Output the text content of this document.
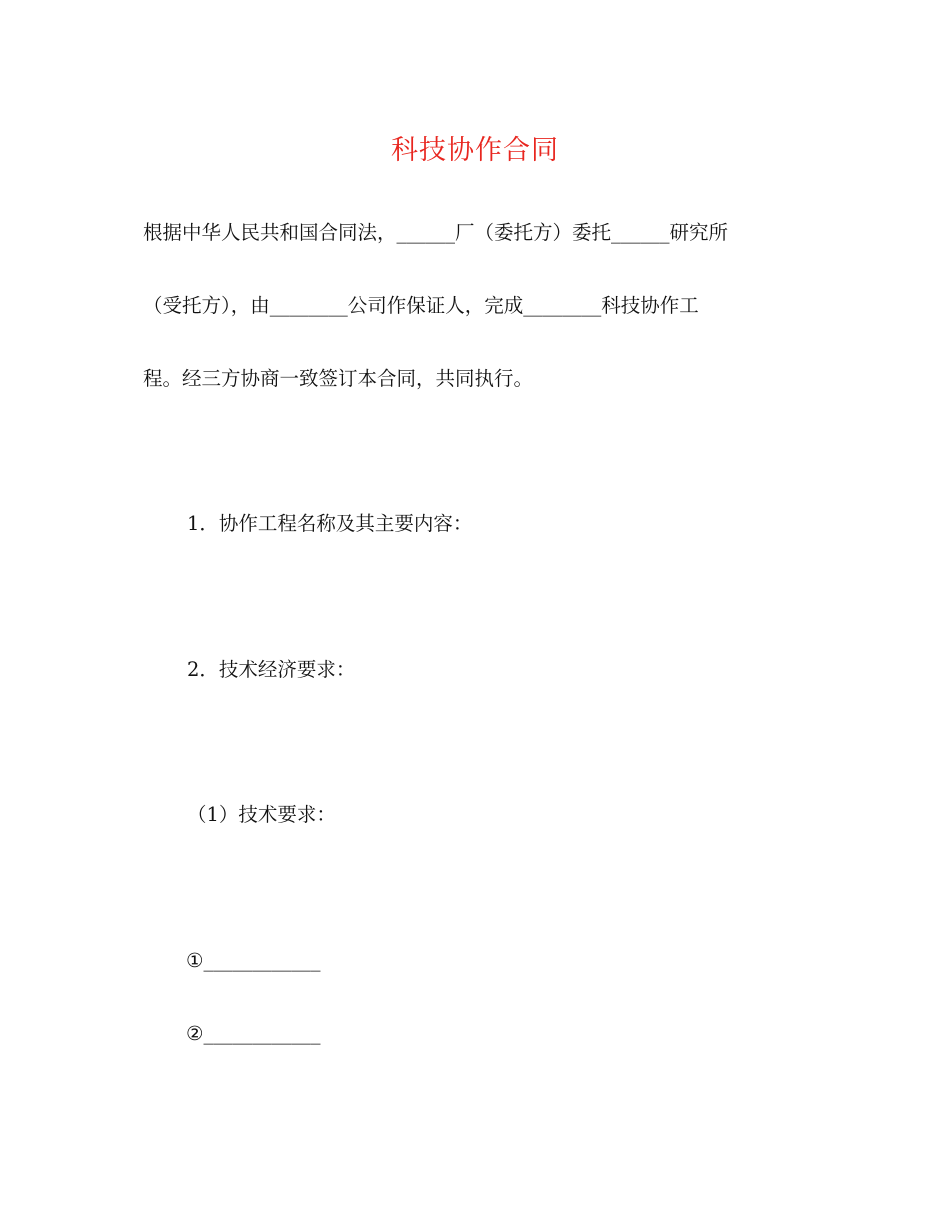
科技协作合同
根据中华人民共和国合同法，______厂（委托方）委托______研究所
（受托方），由________公司作保证人，完成________科技协作工
程。经三方协商一致签订本合同，共同执行。
1．协作工程名称及其主要内容：
2．技术经济要求：
（1）技术要求：
①____________
②____________
